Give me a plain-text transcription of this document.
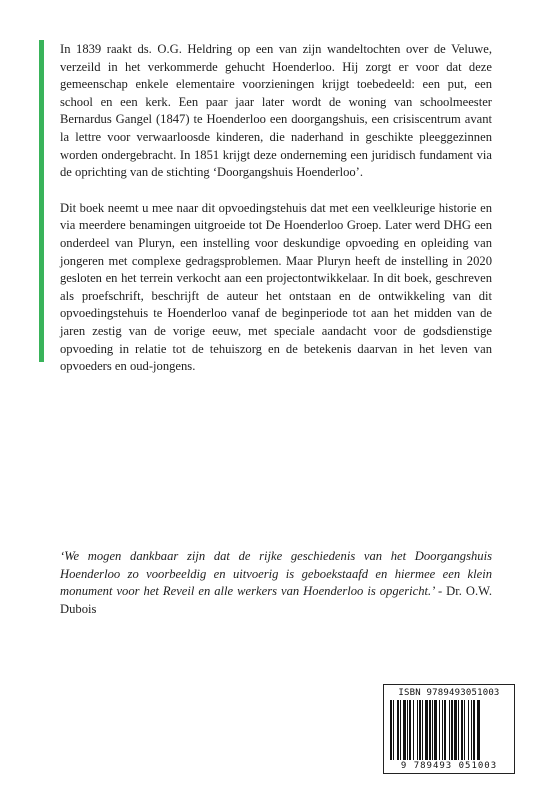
In 1839 raakt ds. O.G. Heldring op een van zijn wandeltochten over de Veluwe, verzeild in het verkommerde gehucht Hoenderloo. Hij zorgt er voor dat deze gemeenschap enkele elementaire voorzieningen krijgt toebedeeld: een put, een school en een kerk. Een paar jaar later wordt de woning van schoolmeester Bernardus Gangel (1847) te Hoenderloo een doorgangshuis, een crisiscentrum avant la lettre voor verwaarloosde kinderen, die naderhand in geschikte pleeggezinnen worden ondergebracht. In 1851 krijgt deze onderneming een juridisch fundament via de oprichting van de stichting ‘Doorgangshuis Hoenderloo’.

Dit boek neemt u mee naar dit opvoedingstehuis dat met een veelkleurige historie en via meerdere benamingen uitgroeide tot De Hoenderloo Groep. Later werd DHG een onderdeel van Pluryn, een instelling voor deskundige opvoeding en opleiding van jongeren met complexe gedragsproblemen. Maar Pluryn heeft de instelling in 2020 gesloten en het terrein verkocht aan een projectontwikkelaar. In dit boek, geschreven als proefschrift, beschrijft de auteur het ontstaan en de ontwikkeling van dit opvoedingstehuis te Hoenderloo vanaf de beginperiode tot aan het midden van de jaren zestig van de vorige eeuw, met speciale aandacht voor de godsdienstige opvoeding in relatie tot de tehuiszorg en de betekenis daarvan in het leven van opvoeders en oud-jongens.

‘We mogen dankbaar zijn dat de rijke geschiedenis van het Doorgangshuis Hoenderloo zo voorbeeldig en uitvoerig is geboekstaafd en hiermee een klein monument voor het Reveil en alle werkers van Hoenderloo is opgericht.’ - Dr. O.W. Dubois
ISBN 9789493051003
9 789493 051003
